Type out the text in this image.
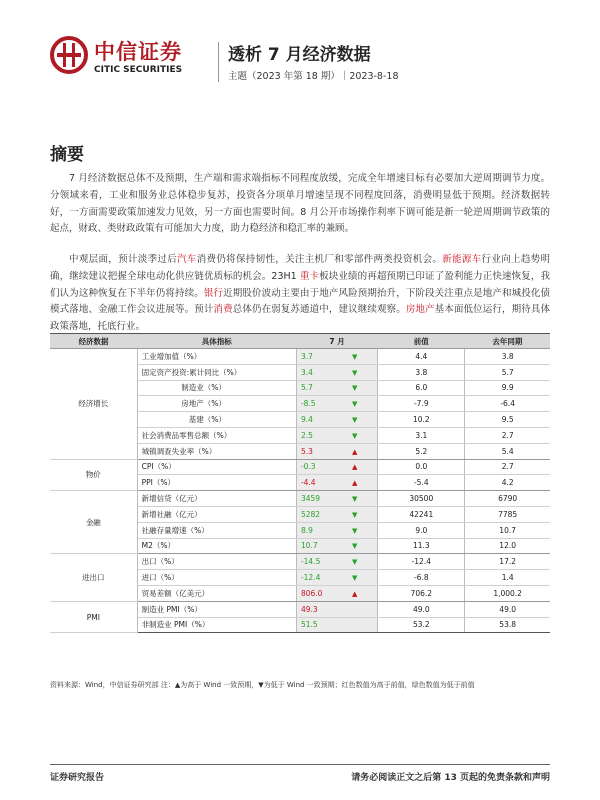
中信证券
CITIC SECURITIES
透析 7 月经济数据
主题（2023 年第 18 期）｜2023-8-18
摘要

7 月经济数据总体不及预期，生产端和需求端指标不同程度放缓，完成全年增速目标有必要加大逆周期调节力度。分领域来看，工业和服务业总体稳步复苏，投资各分项单月增速呈现不同程度回落，消费明显低于预期。经济数据转好，一方面需要政策加速发力见效，另一方面也需要时间。8 月公开市场操作利率下调可能是新一轮逆周期调节政策的起点，财政、类财政政策有可能加大力度，助力稳经济和稳汇率的兼顾。

中观层面，预计淡季过后汽车消费仍将保持韧性，关注主机厂和零部件两类投资机会。新能源车行业向上趋势明确，继续建议把握全球电动化供应链优质标的机会。23H1 重卡板块业绩的再超预期已印证了盈利能力正快速恢复，我们认为这种恢复在下半年仍将持续。银行近期股价波动主要由于地产风险预期抬升，下阶段关注重点是地产和城投化债模式落地、金融工作会议进展等。预计消费总体仍在弱复苏通道中，建议继续观察。房地产基本面低位运行，期待具体政策落地，托底行业。

经济数据	具体指标	7 月		前值	去年同期
经济增长	工业增加值（%）	3.7	▼	4.4	3.8
	固定资产投资:累计同比（%）	3.4	▼	3.8	5.7
	制造业（%）	5.7	▼	6.0	9.9
	房地产（%）	-8.5	▼	-7.9	-6.4
	基建（%）	9.4	▼	10.2	9.5
	社会消费品零售总额（%）	2.5	▼	3.1	2.7
	城镇调查失业率（%）	5.3	▲	5.2	5.4
物价	CPI（%）	-0.3	▲	0.0	2.7
	PPI（%）	-4.4	▲	-5.4	4.2
金融	新增信贷（亿元）	3459	▼	30500	6790
	新增社融（亿元）	5282	▼	42241	7785
	社融存量增速（%）	8.9	▼	9.0	10.7
	M2（%）	10.7	▼	11.3	12.0
进出口	出口（%）	-14.5	▼	-12.4	17.2
	进口（%）	-12.4	▼	-6.8	1.4
	贸易差额（亿美元）	806.0	▲	706.2	1,000.2
PMI	制造业 PMI（%）	49.3		49.0	49.0
	非制造业 PMI（%）	51.5		53.2	53.8
资料来源：Wind，中信证券研究部 注：▲为高于 Wind 一致预期，▼为低于 Wind 一致预期；红色数值为高于前值，绿色数值为低于前值
证券研究报告	请务必阅读正文之后第 13 页起的免责条款和声明
